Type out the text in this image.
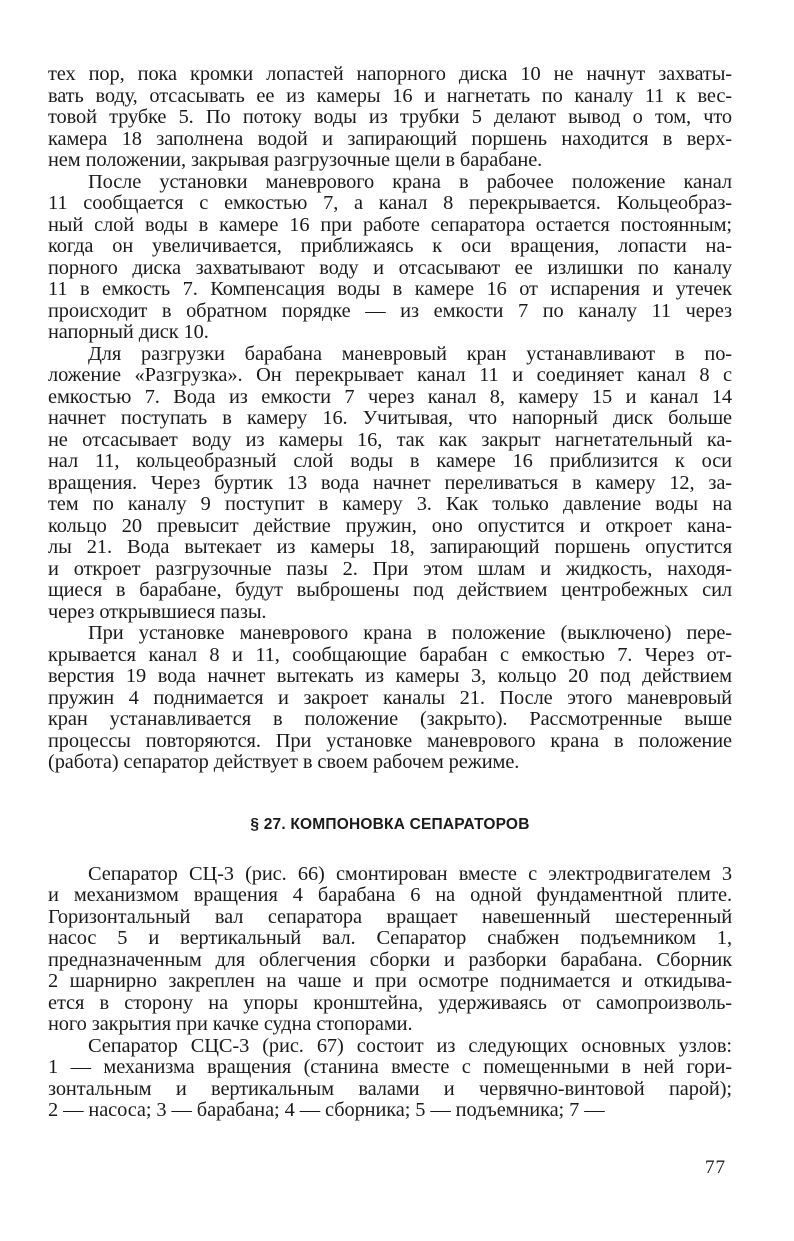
тех пор, пока кромки лопастей напорного диска 10 не начнут захваты-
вать воду, отсасывать ее из камеры 16 и нагнетать по каналу 11 к вес-
товой трубке 5. По потоку воды из трубки 5 делают вывод о том, что
камера 18 заполнена водой и запирающий поршень находится в верх-
нем положении, закрывая разгрузочные щели в барабане.

После установки маневрового крана в рабочее положение канал
11 сообщается с емкостью 7, а канал 8 перекрывается. Кольцеобраз-
ный слой воды в камере 16 при работе сепаратора остается постоянным;
когда он увеличивается, приближаясь к оси вращения, лопасти на-
порного диска захватывают воду и отсасывают ее излишки по каналу
11 в емкость 7. Компенсация воды в камере 16 от испарения и утечек
происходит в обратном порядке — из емкости 7 по каналу 11 через
напорный диск 10.

Для разгрузки барабана маневровый кран устанавливают в по-
ложение «Разгрузка». Он перекрывает канал 11 и соединяет канал 8 с
емкостью 7. Вода из емкости 7 через канал 8, камеру 15 и канал 14
начнет поступать в камеру 16. Учитывая, что напорный диск больше
не отсасывает воду из камеры 16, так как закрыт нагнетательный ка-
нал 11, кольцеобразный слой воды в камере 16 приблизится к оси
вращения. Через буртик 13 вода начнет переливаться в камеру 12, за-
тем по каналу 9 поступит в камеру 3. Как только давление воды на
кольцо 20 превысит действие пружин, оно опустится и откроет кана-
лы 21. Вода вытекает из камеры 18, запирающий поршень опустится
и откроет разгрузочные пазы 2. При этом шлам и жидкость, находя-
щиеся в барабане, будут выброшены под действием центробежных сил
через открывшиеся пазы.

При установке маневрового крана в положение (выключено) пере-
крывается канал 8 и 11, сообщающие барабан с емкостью 7. Через от-
верстия 19 вода начнет вытекать из камеры 3, кольцо 20 под действием
пружин 4 поднимается и закроет каналы 21. После этого маневровый
кран устанавливается в положение (закрыто). Рассмотренные выше
процессы повторяются. При установке маневрового крана в положение
(работа) сепаратор действует в своем рабочем режиме.

§ 27. КОМПОНОВКА СЕПАРАТОРОВ

Сепаратор СЦ-3 (рис. 66) смонтирован вместе с электродвигателем 3
и механизмом вращения 4 барабана 6 на одной фундаментной плите.
Горизонтальный вал сепаратора вращает навешенный шестеренный
насос 5 и вертикальный вал. Сепаратор снабжен подъемником 1,
предназначенным для облегчения сборки и разборки барабана. Сборник
2 шарнирно закреплен на чаше и при осмотре поднимается и откидыва-
ется в сторону на упоры кронштейна, удерживаясь от самопроизволь-
ного закрытия при качке судна стопорами.

Сепаратор СЦС-3 (рис. 67) состоит из следующих основных узлов:
1 — механизма вращения (станина вместе с помещенными в ней гори-
зонтальным и вертикальным валами и червячно-винтовой парой);
2 — насоса; 3 — барабана; 4 — сборника; 5 — подъемника; 7 —

77
